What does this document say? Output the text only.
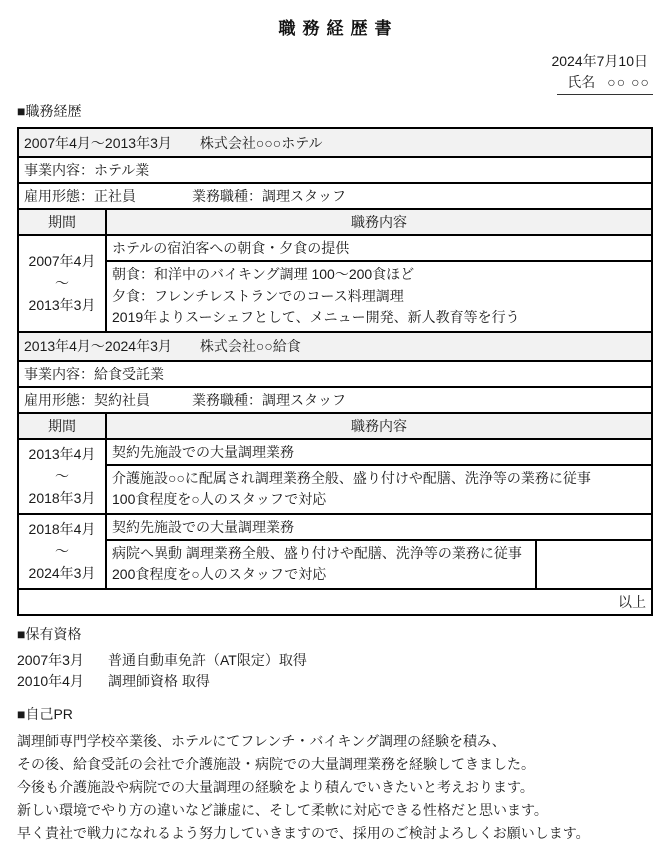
職務経歴書
2024年7月10日
氏名 ○○ ○○
■職務経歴
2007年4月～2013年3月 株式会社○○○ホテル		
事業内容：ホテル業		
雇用形態：正社員 業務職種：調理スタッフ		
期間	職務内容	

2007年4月
～
2013年3月	ホテルの宿泊客への朝食・夕食の提供	

	朝食：和洋中のバイキング調理 100～200食ほど
夕食：フレンチレストランでのコース料理調理
2019年よりスーシェフとして、メニュー開発、新人教育等を行う	

2013年4月～2024年3月 株式会社○○給食		
事業内容：給食受託業		
雇用形態：契約社員 業務職種：調理スタッフ		
期間	職務内容	

2013年4月
～
2018年3月	契約先施設での大量調理業務	

	介護施設○○に配属され調理業務全般、盛り付けや配膳、洗浄等の業務に従事
100食程度を○人のスタッフで対応	

2018年4月
～
2024年3月	契約先施設での大量調理業務	

	病院へ異動 調理業務全般、盛り付けや配膳、洗浄等の業務に従事
200食程度を○人のスタッフで対応	

以上		
■保有資格
2007年3月	普通自動車免許（AT限定）取得
2010年4月	調理師資格 取得
■自己PR
調理師専門学校卒業後、ホテルにてフレンチ・バイキング調理の経験を積み、
その後、給食受託の会社で介護施設・病院での大量調理業務を経験してきました。
今後も介護施設や病院での大量調理の経験をより積んでいきたいと考えおります。
新しい環境でやり方の違いなど謙虚に、そして柔軟に対応できる性格だと思います。
早く貴社で戦力になれるよう努力していきますので、採用のご検討よろしくお願いします。
